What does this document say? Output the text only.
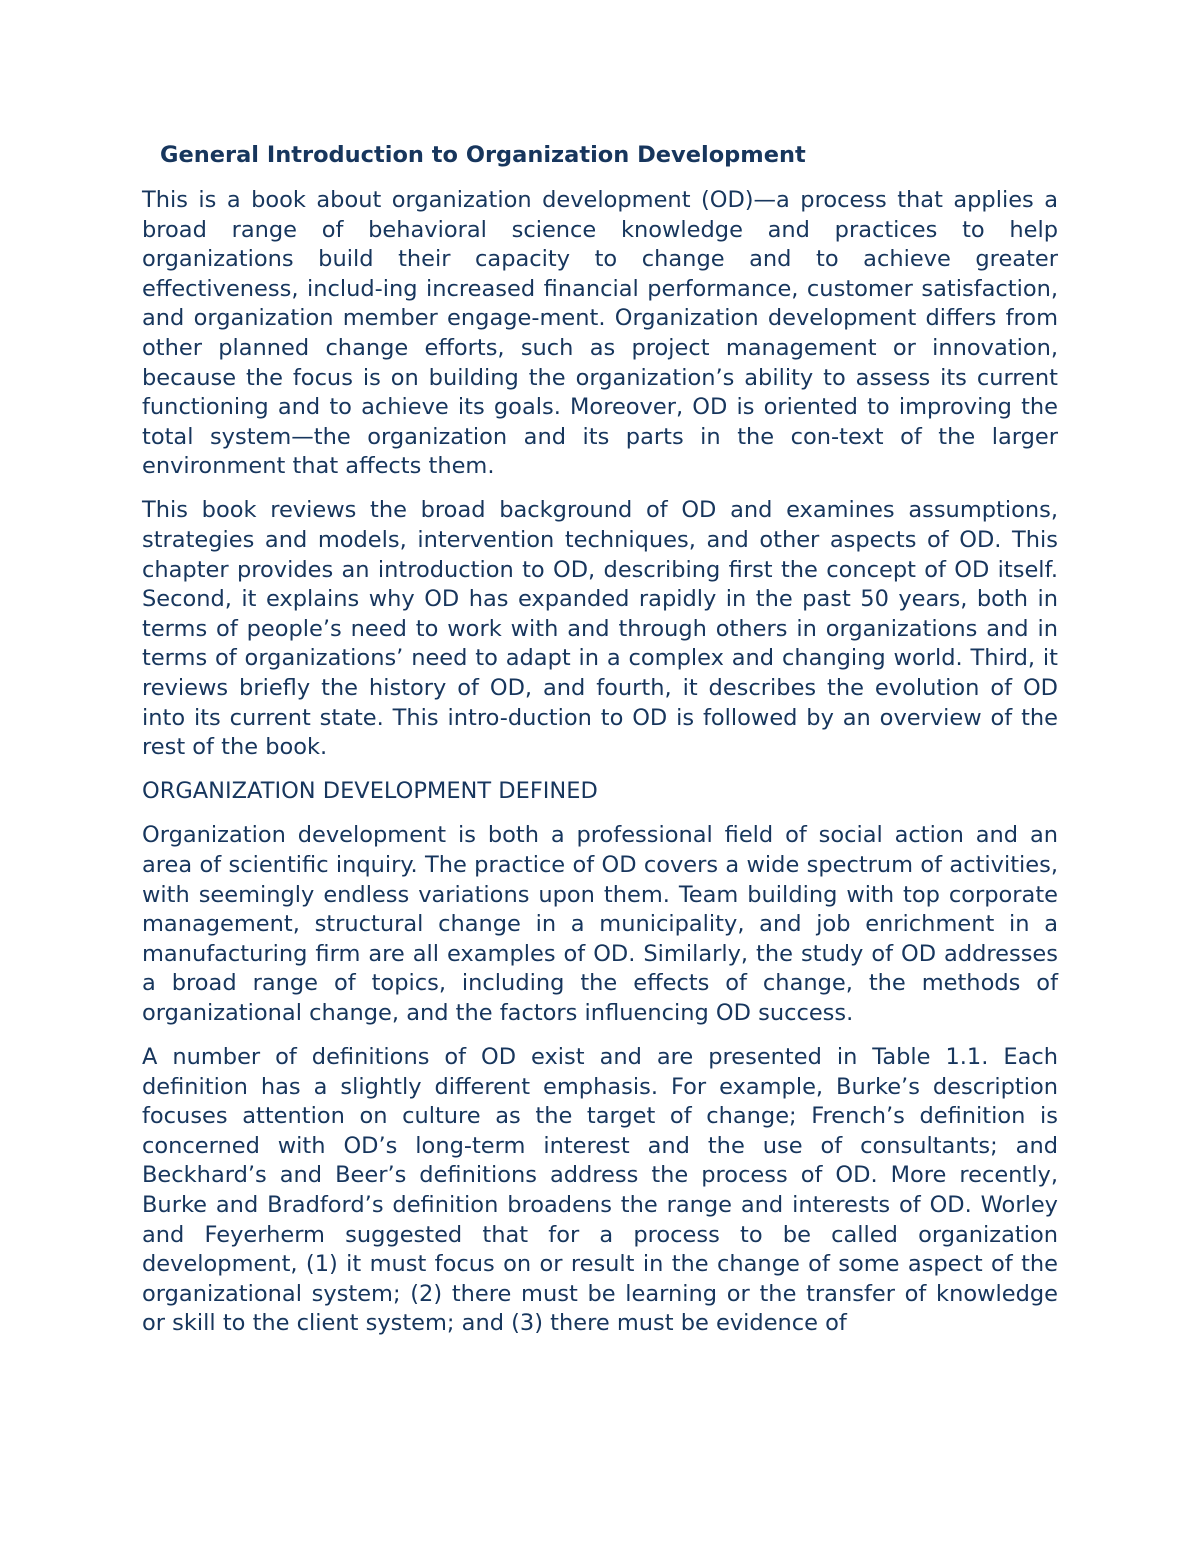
General Introduction to Organization Development

This is a book about organization development (OD)—a process that applies a broad range of behavioral science knowledge and practices to help organizations build their capacity to change and to achieve greater effectiveness, includ-ing increased financial performance, customer satisfaction, and organization member engage-ment. Organization development differs from other planned change efforts, such as project management or innovation, because the focus is on building the organization’s ability to assess its current functioning and to achieve its goals. Moreover, OD is oriented to improving the total system—the organization and its parts in the con-text of the larger environment that affects them.

This book reviews the broad background of OD and examines assumptions, strategies and models, intervention techniques, and other aspects of OD. This chapter provides an introduction to OD, describing first the concept of OD itself. Second, it explains why OD has expanded rapidly in the past 50 years, both in terms of people’s need to work with and through others in organizations and in terms of organizations’ need to adapt in a complex and changing world. Third, it reviews briefly the history of OD, and fourth, it describes the evolution of OD into its current state. This intro-duction to OD is followed by an overview of the rest of the book.

ORGANIZATION DEVELOPMENT DEFINED

Organization development is both a professional field of social action and an area of scientific inquiry. The practice of OD covers a wide spectrum of activities, with seemingly endless variations upon them. Team building with top corporate management, structural change in a municipality, and job enrichment in a manufacturing firm are all examples of OD. Similarly, the study of OD addresses a broad range of topics, including the effects of change, the methods of organizational change, and the factors influencing OD success.

A number of definitions of OD exist and are presented in Table 1.1. Each definition has a slightly different emphasis. For example, Burke’s description focuses attention on culture as the target of change; French’s definition is concerned with OD’s long-term interest and the use of consultants; and Beckhard’s and Beer’s definitions address the process of OD. More recently, Burke and Bradford’s definition broadens the range and interests of OD. Worley and Feyerherm suggested that for a process to be called organization development, (1) it must focus on or result in the change of some aspect of the organizational system; (2) there must be learning or the transfer of knowledge or skill to the client system; and (3) there must be evidence of
